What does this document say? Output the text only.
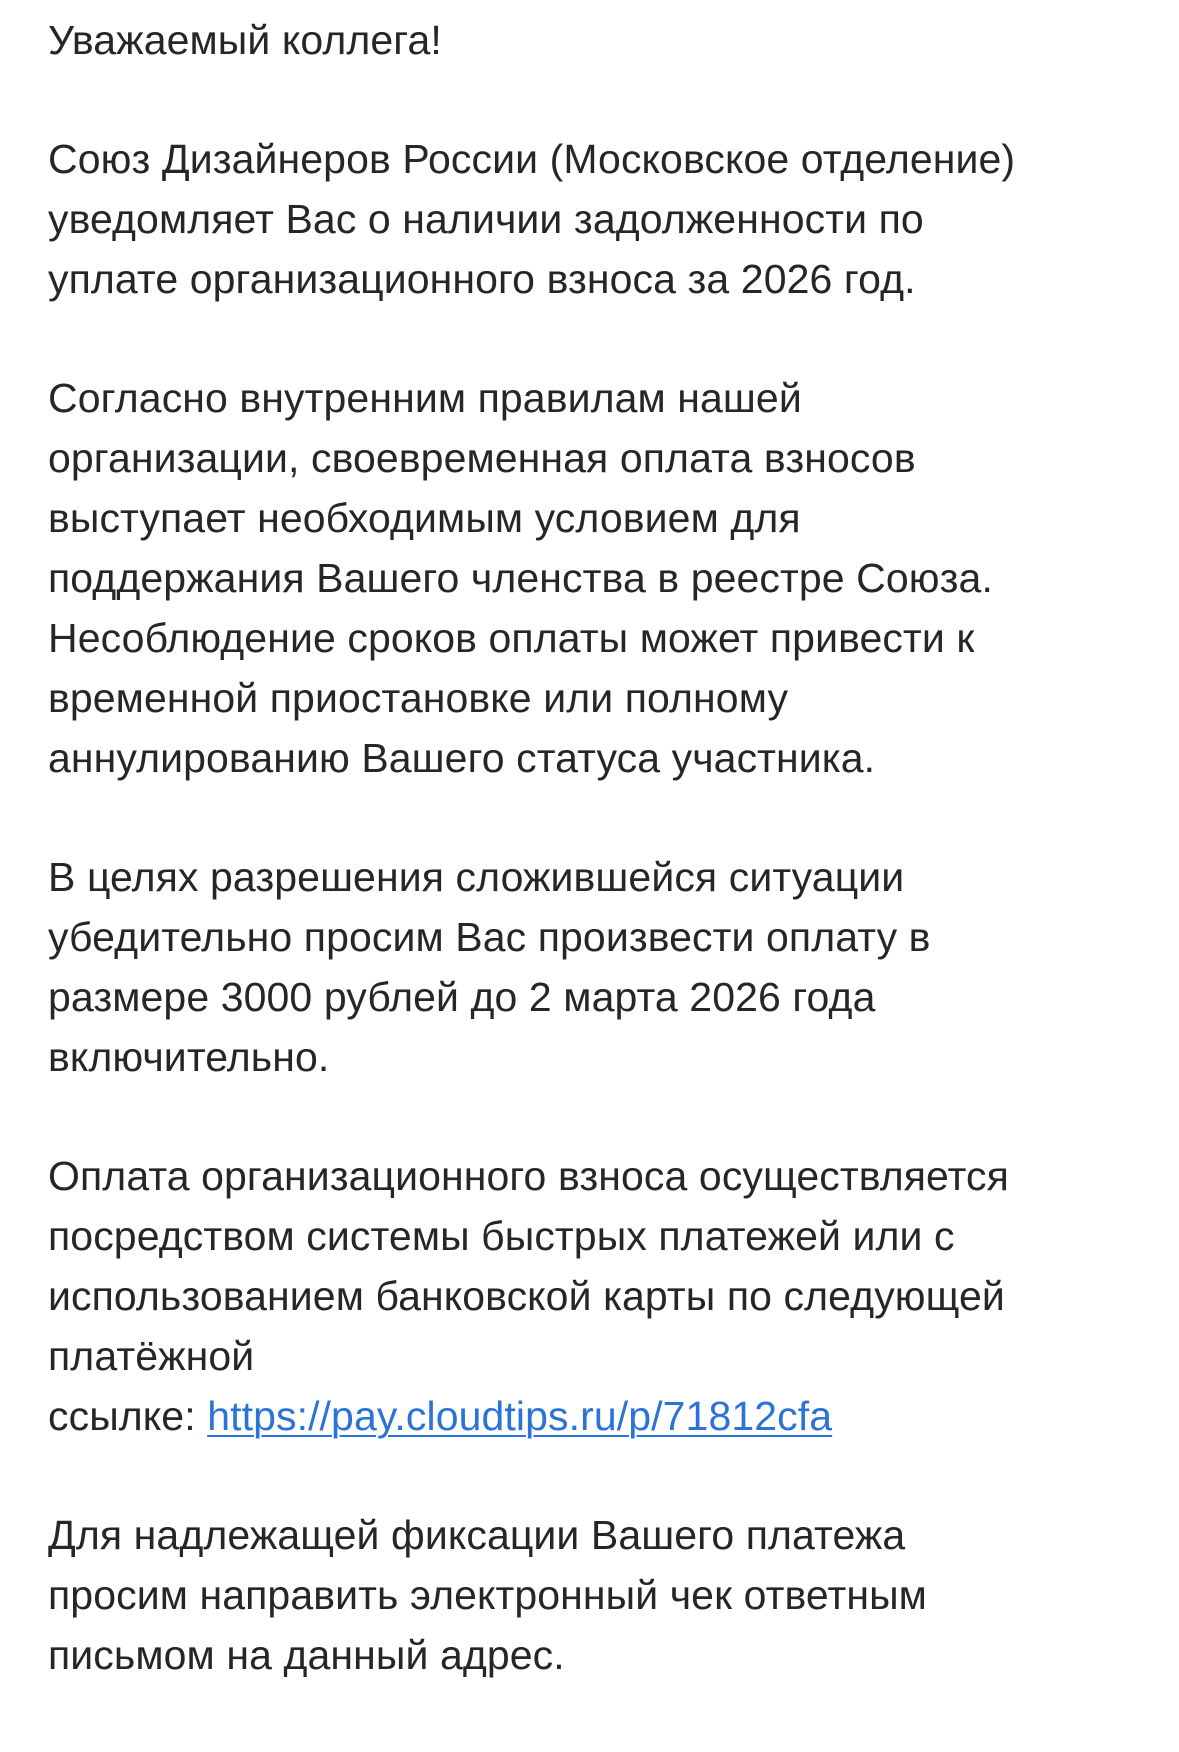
Уважаемый коллега!

Союз Дизайнеров России (Московское отделение)
уведомляет Вас о наличии задолженности по
уплате организационного взноса за 2026 год.

Согласно внутренним правилам нашей
организации, своевременная оплата взносов
выступает необходимым условием для
поддержания Вашего членства в реестре Союза.
Несоблюдение сроков оплаты может привести к
временной приостановке или полному
аннулированию Вашего статуса участника.

В целях разрешения сложившейся ситуации
убедительно просим Вас произвести оплату в
размере 3000 рублей до 2 марта 2026 года
включительно.

Оплата организационного взноса осуществляется
посредством системы быстрых платежей или с
использованием банковской карты по следующей
платёжной
ссылке: https://pay.cloudtips.ru/p/71812cfa

Для надлежащей фиксации Вашего платежа
просим направить электронный чек ответным
письмом на данный адрес.
